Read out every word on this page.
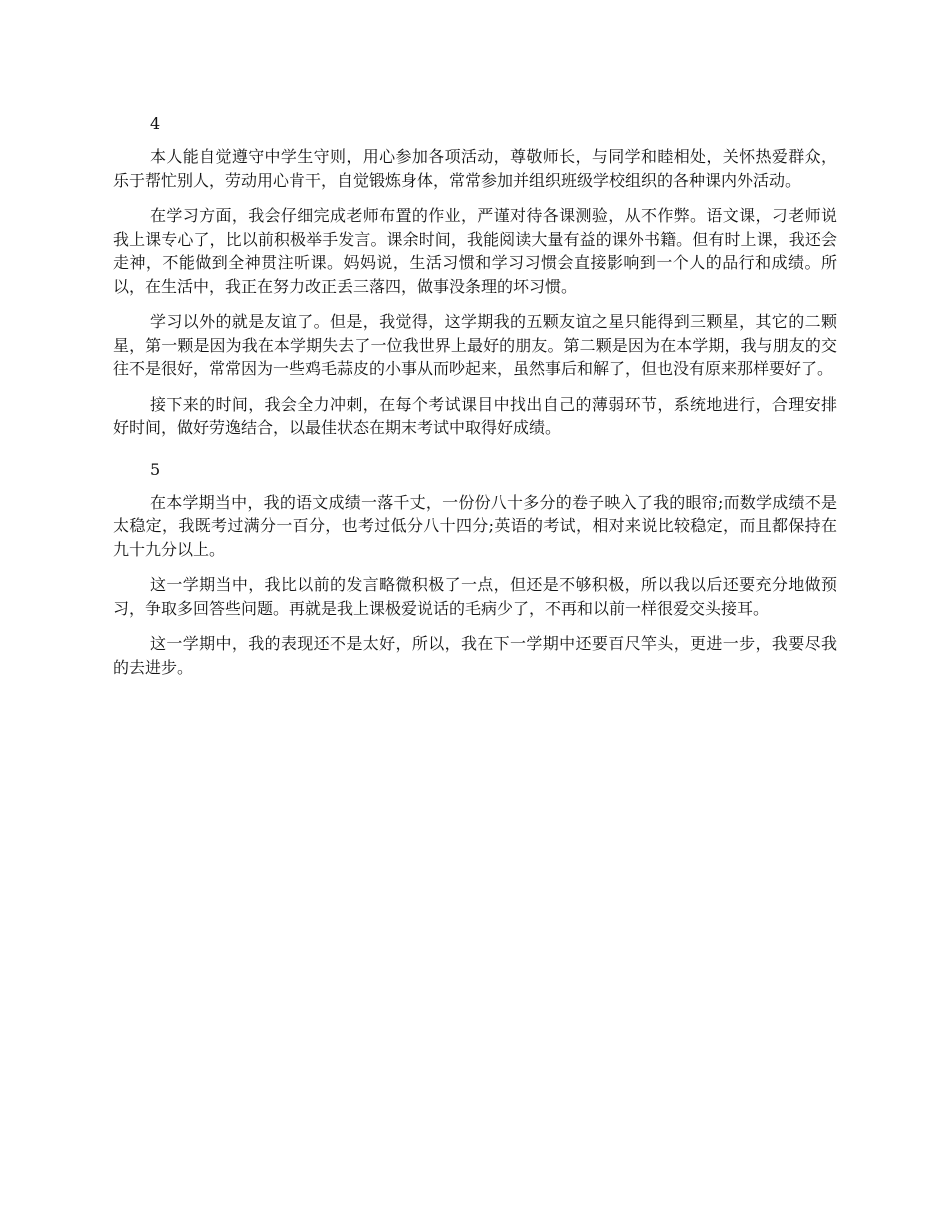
4

本人能自觉遵守中学生守则，用心参加各项活动，尊敬师长，与同学和睦相处，关怀热爱群众，乐于帮忙别人，劳动用心肯干，自觉锻炼身体，常常参加并组织班级学校组织的各种课内外活动。

在学习方面，我会仔细完成老师布置的作业，严谨对待各课测验，从不作弊。语文课，刁老师说我上课专心了，比以前积极举手发言。课余时间，我能阅读大量有益的课外书籍。但有时上课，我还会走神，不能做到全神贯注听课。妈妈说，生活习惯和学习习惯会直接影响到一个人的品行和成绩。所以，在生活中，我正在努力改正丢三落四，做事没条理的坏习惯。

学习以外的就是友谊了。但是，我觉得，这学期我的五颗友谊之星只能得到三颗星，其它的二颗星，第一颗是因为我在本学期失去了一位我世界上最好的朋友。第二颗是因为在本学期，我与朋友的交往不是很好，常常因为一些鸡毛蒜皮的小事从而吵起来，虽然事后和解了，但也没有原来那样要好了。

接下来的时间，我会全力冲刺，在每个考试课目中找出自己的薄弱环节，系统地进行，合理安排好时间，做好劳逸结合，以最佳状态在期末考试中取得好成绩。

5

在本学期当中，我的语文成绩一落千丈，一份份八十多分的卷子映入了我的眼帘;而数学成绩不是太稳定，我既考过满分一百分，也考过低分八十四分;英语的考试，相对来说比较稳定，而且都保持在九十九分以上。

这一学期当中，我比以前的发言略微积极了一点，但还是不够积极，所以我以后还要充分地做预习，争取多回答些问题。再就是我上课极爱说话的毛病少了，不再和以前一样很爱交头接耳。

这一学期中，我的表现还不是太好，所以，我在下一学期中还要百尺竿头，更进一步，我要尽我的去进步。
